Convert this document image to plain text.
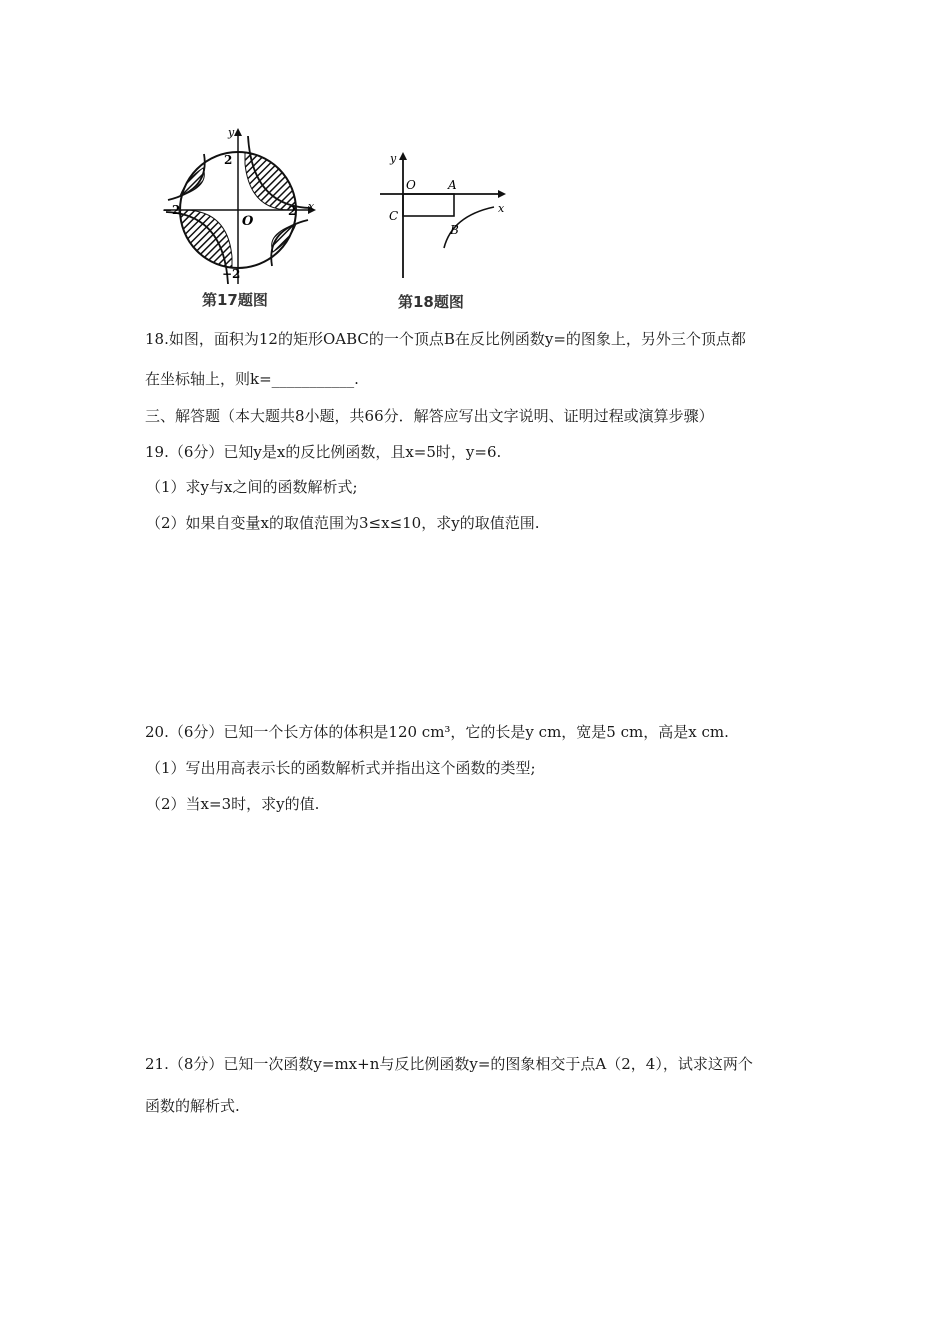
x
y
2
−2
−2	2
O
第17题图
x
y
O	A
C
B
第18题图
18.如图，面积为12的矩形OABC的一个顶点B在反比例函数y=的图象上，另外三个顶点都
在坐标轴上，则k=___________.
三、解答题（本大题共8小题，共66分．解答应写出文字说明、证明过程或演算步骤）
19.（6分）已知y是x的反比例函数，且x=5时，y=6.
（1）求y与x之间的函数解析式;
（2）如果自变量x的取值范围为3≤x≤10，求y的取值范围.
20.（6分）已知一个长方体的体积是120 cm³，它的长是y cm，宽是5 cm，高是x cm.
（1）写出用高表示长的函数解析式并指出这个函数的类型;
（2）当x=3时，求y的值.
21.（8分）已知一次函数y=mx+n与反比例函数y=的图象相交于点A（2，4），试求这两个
函数的解析式.
